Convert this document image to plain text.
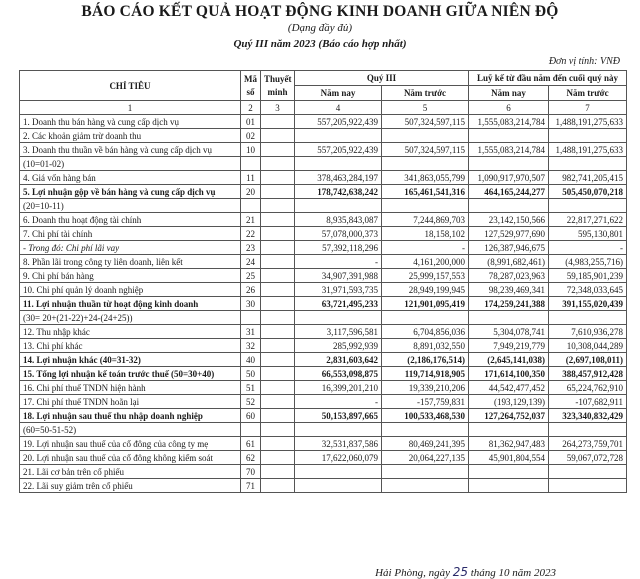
BÁO CÁO KẾT QUẢ HOẠT ĐỘNG KINH DOANH GIỮA NIÊN ĐỘ
(Dạng đầy đủ)
Quý III năm 2023 (Báo cáo hợp nhất)
Đơn vị tính: VNĐ
CHỈ TIÊU	Mã số	Thuyết minh	Quý III		Luỹ kế từ đầu năm đến cuối quý này	
			Năm nay	Năm trước	Năm nay	Năm trước
1	2	3	4	5	6	7
1. Doanh thu bán hàng và cung cấp dịch vụ	01		557,205,922,439	507,324,597,115	1,555,083,214,784	1,488,191,275,633
2. Các khoản giảm trừ doanh thu	02					
3. Doanh thu thuần về bán hàng và cung cấp dịch vụ	10		557,205,922,439	507,324,597,115	1,555,083,214,784	1,488,191,275,633
(10=01-02)						
4. Giá vốn hàng bán	11		378,463,284,197	341,863,055,799	1,090,917,970,507	982,741,205,415
5. Lợi nhuận gộp về bán hàng và cung cấp dịch vụ	20		178,742,638,242	165,461,541,316	464,165,244,277	505,450,070,218
(20=10-11)						
6. Doanh thu hoạt động tài chính	21		8,935,843,087	7,244,869,703	23,142,150,566	22,817,271,622
7. Chi phí tài chính	22		57,078,000,373	18,158,102	127,529,977,690	595,130,801
- Trong đó: Chi phí lãi vay	23		57,392,118,296	-	126,387,946,675	-
8. Phần lãi trong công ty liên doanh, liên kết	24		-	4,161,200,000	(8,991,682,461)	(4,983,255,716)
9. Chi phí bán hàng	25		34,907,391,988	25,999,157,553	78,287,023,963	59,185,901,239
10. Chi phí quản lý doanh nghiệp	26		31,971,593,735	28,949,199,945	98,239,469,341	72,348,033,645
11. Lợi nhuận thuần từ hoạt động kinh doanh	30		63,721,495,233	121,901,095,419	174,259,241,388	391,155,020,439
(30= 20+(21-22)+24-(24+25))						
12. Thu nhập khác	31		3,117,596,581	6,704,856,036	5,304,078,741	7,610,936,278
13. Chi phí khác	32		285,992,939	8,891,032,550	7,949,219,779	10,308,044,289
14. Lợi nhuận khác (40=31-32)	40		2,831,603,642	(2,186,176,514)	(2,645,141,038)	(2,697,108,011)
15. Tổng lợi nhuận kế toán trước thuế (50=30+40)	50		66,553,098,875	119,714,918,905	171,614,100,350	388,457,912,428
16. Chi phí thuế TNDN hiện hành	51		16,399,201,210	19,339,210,206	44,542,477,452	65,224,762,910
17. Chi phí thuế TNDN hoãn lại	52		-	-157,759,831	(193,129,139)	-107,682,911
18. Lợi nhuận sau thuế thu nhập doanh nghiệp	60		50,153,897,665	100,533,468,530	127,264,752,037	323,340,832,429
(60=50-51-52)						
19. Lợi nhuận sau thuế của cổ đông của công ty mẹ	61		32,531,837,586	80,469,241,395	81,362,947,483	264,273,759,701
20. Lợi nhuận sau thuế của cổ đông không kiểm soát	62		17,622,060,079	20,064,227,135	45,901,804,554	59,067,072,728
21. Lãi cơ bản trên cổ phiếu	70					
22. Lãi suy giảm trên cổ phiếu	71					
Hải Phòng, ngày 25 tháng 10 năm 2023
